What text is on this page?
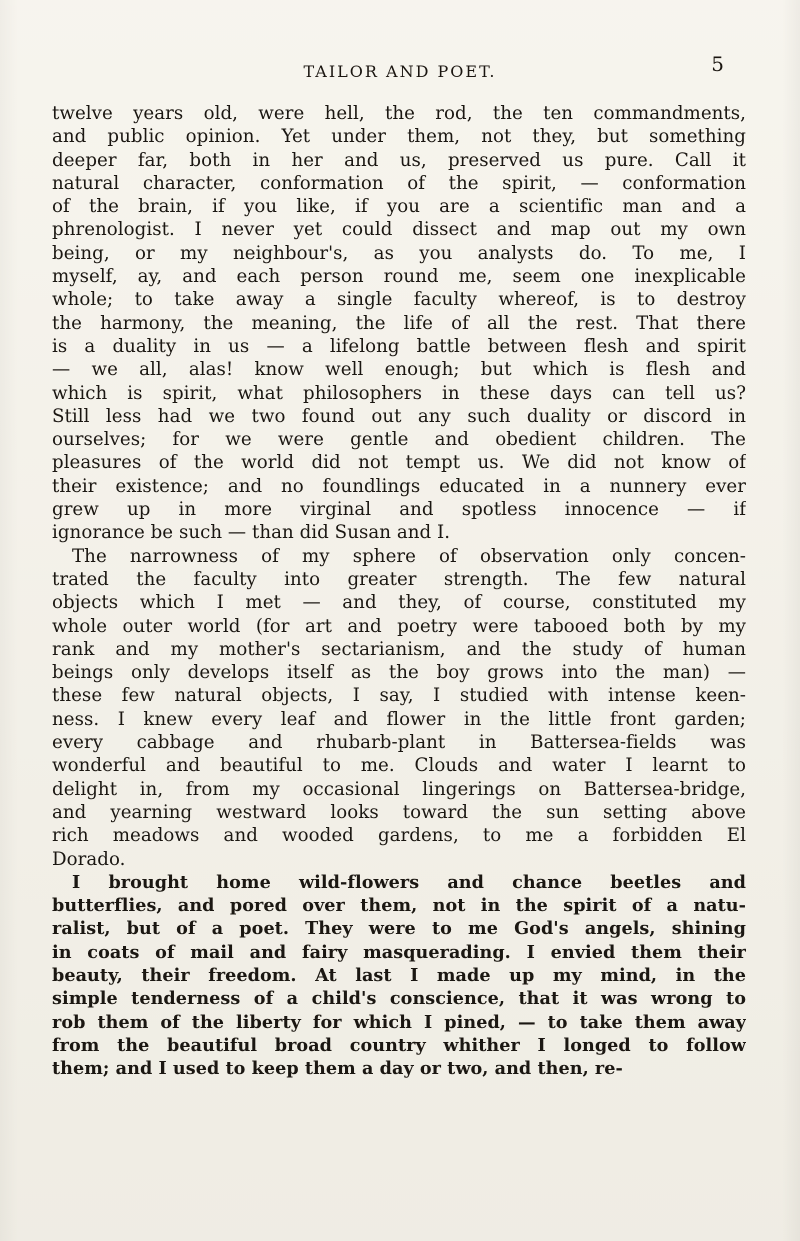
TAILOR AND POET.	5
twelve years old, were hell, the rod, the ten commandments,
and public opinion. Yet under them, not they, but something
deeper far, both in her and us, preserved us pure. Call it
natural character, conformation of the spirit, — conformation
of the brain, if you like, if you are a scientific man and a
phrenologist. I never yet could dissect and map out my own
being, or my neighbour's, as you analysts do. To me, I
myself, ay, and each person round me, seem one inexplicable
whole; to take away a single faculty whereof, is to destroy
the harmony, the meaning, the life of all the rest. That there
is a duality in us — a lifelong battle between flesh and spirit
— we all, alas! know well enough; but which is flesh and
which is spirit, what philosophers in these days can tell us?
Still less had we two found out any such duality or discord in
ourselves; for we were gentle and obedient children. The
pleasures of the world did not tempt us. We did not know of
their existence; and no foundlings educated in a nunnery ever
grew up in more virginal and spotless innocence — if
ignorance be such — than did Susan and I.
The narrowness of my sphere of observation only concen-
trated the faculty into greater strength. The few natural
objects which I met — and they, of course, constituted my
whole outer world (for art and poetry were tabooed both by my
rank and my mother's sectarianism, and the study of human
beings only develops itself as the boy grows into the man) —
these few natural objects, I say, I studied with intense keen-
ness. I knew every leaf and flower in the little front garden;
every cabbage and rhubarb-plant in Battersea-fields was
wonderful and beautiful to me. Clouds and water I learnt to
delight in, from my occasional lingerings on Battersea-bridge,
and yearning westward looks toward the sun setting above
rich meadows and wooded gardens, to me a forbidden El
Dorado.
I brought home wild-flowers and chance beetles and
butterflies, and pored over them, not in the spirit of a natu-
ralist, but of a poet. They were to me God's angels, shining
in coats of mail and fairy masquerading. I envied them their
beauty, their freedom. At last I made up my mind, in the
simple tenderness of a child's conscience, that it was wrong to
rob them of the liberty for which I pined, — to take them away
from the beautiful broad country whither I longed to follow
them; and I used to keep them a day or two, and then, re-
